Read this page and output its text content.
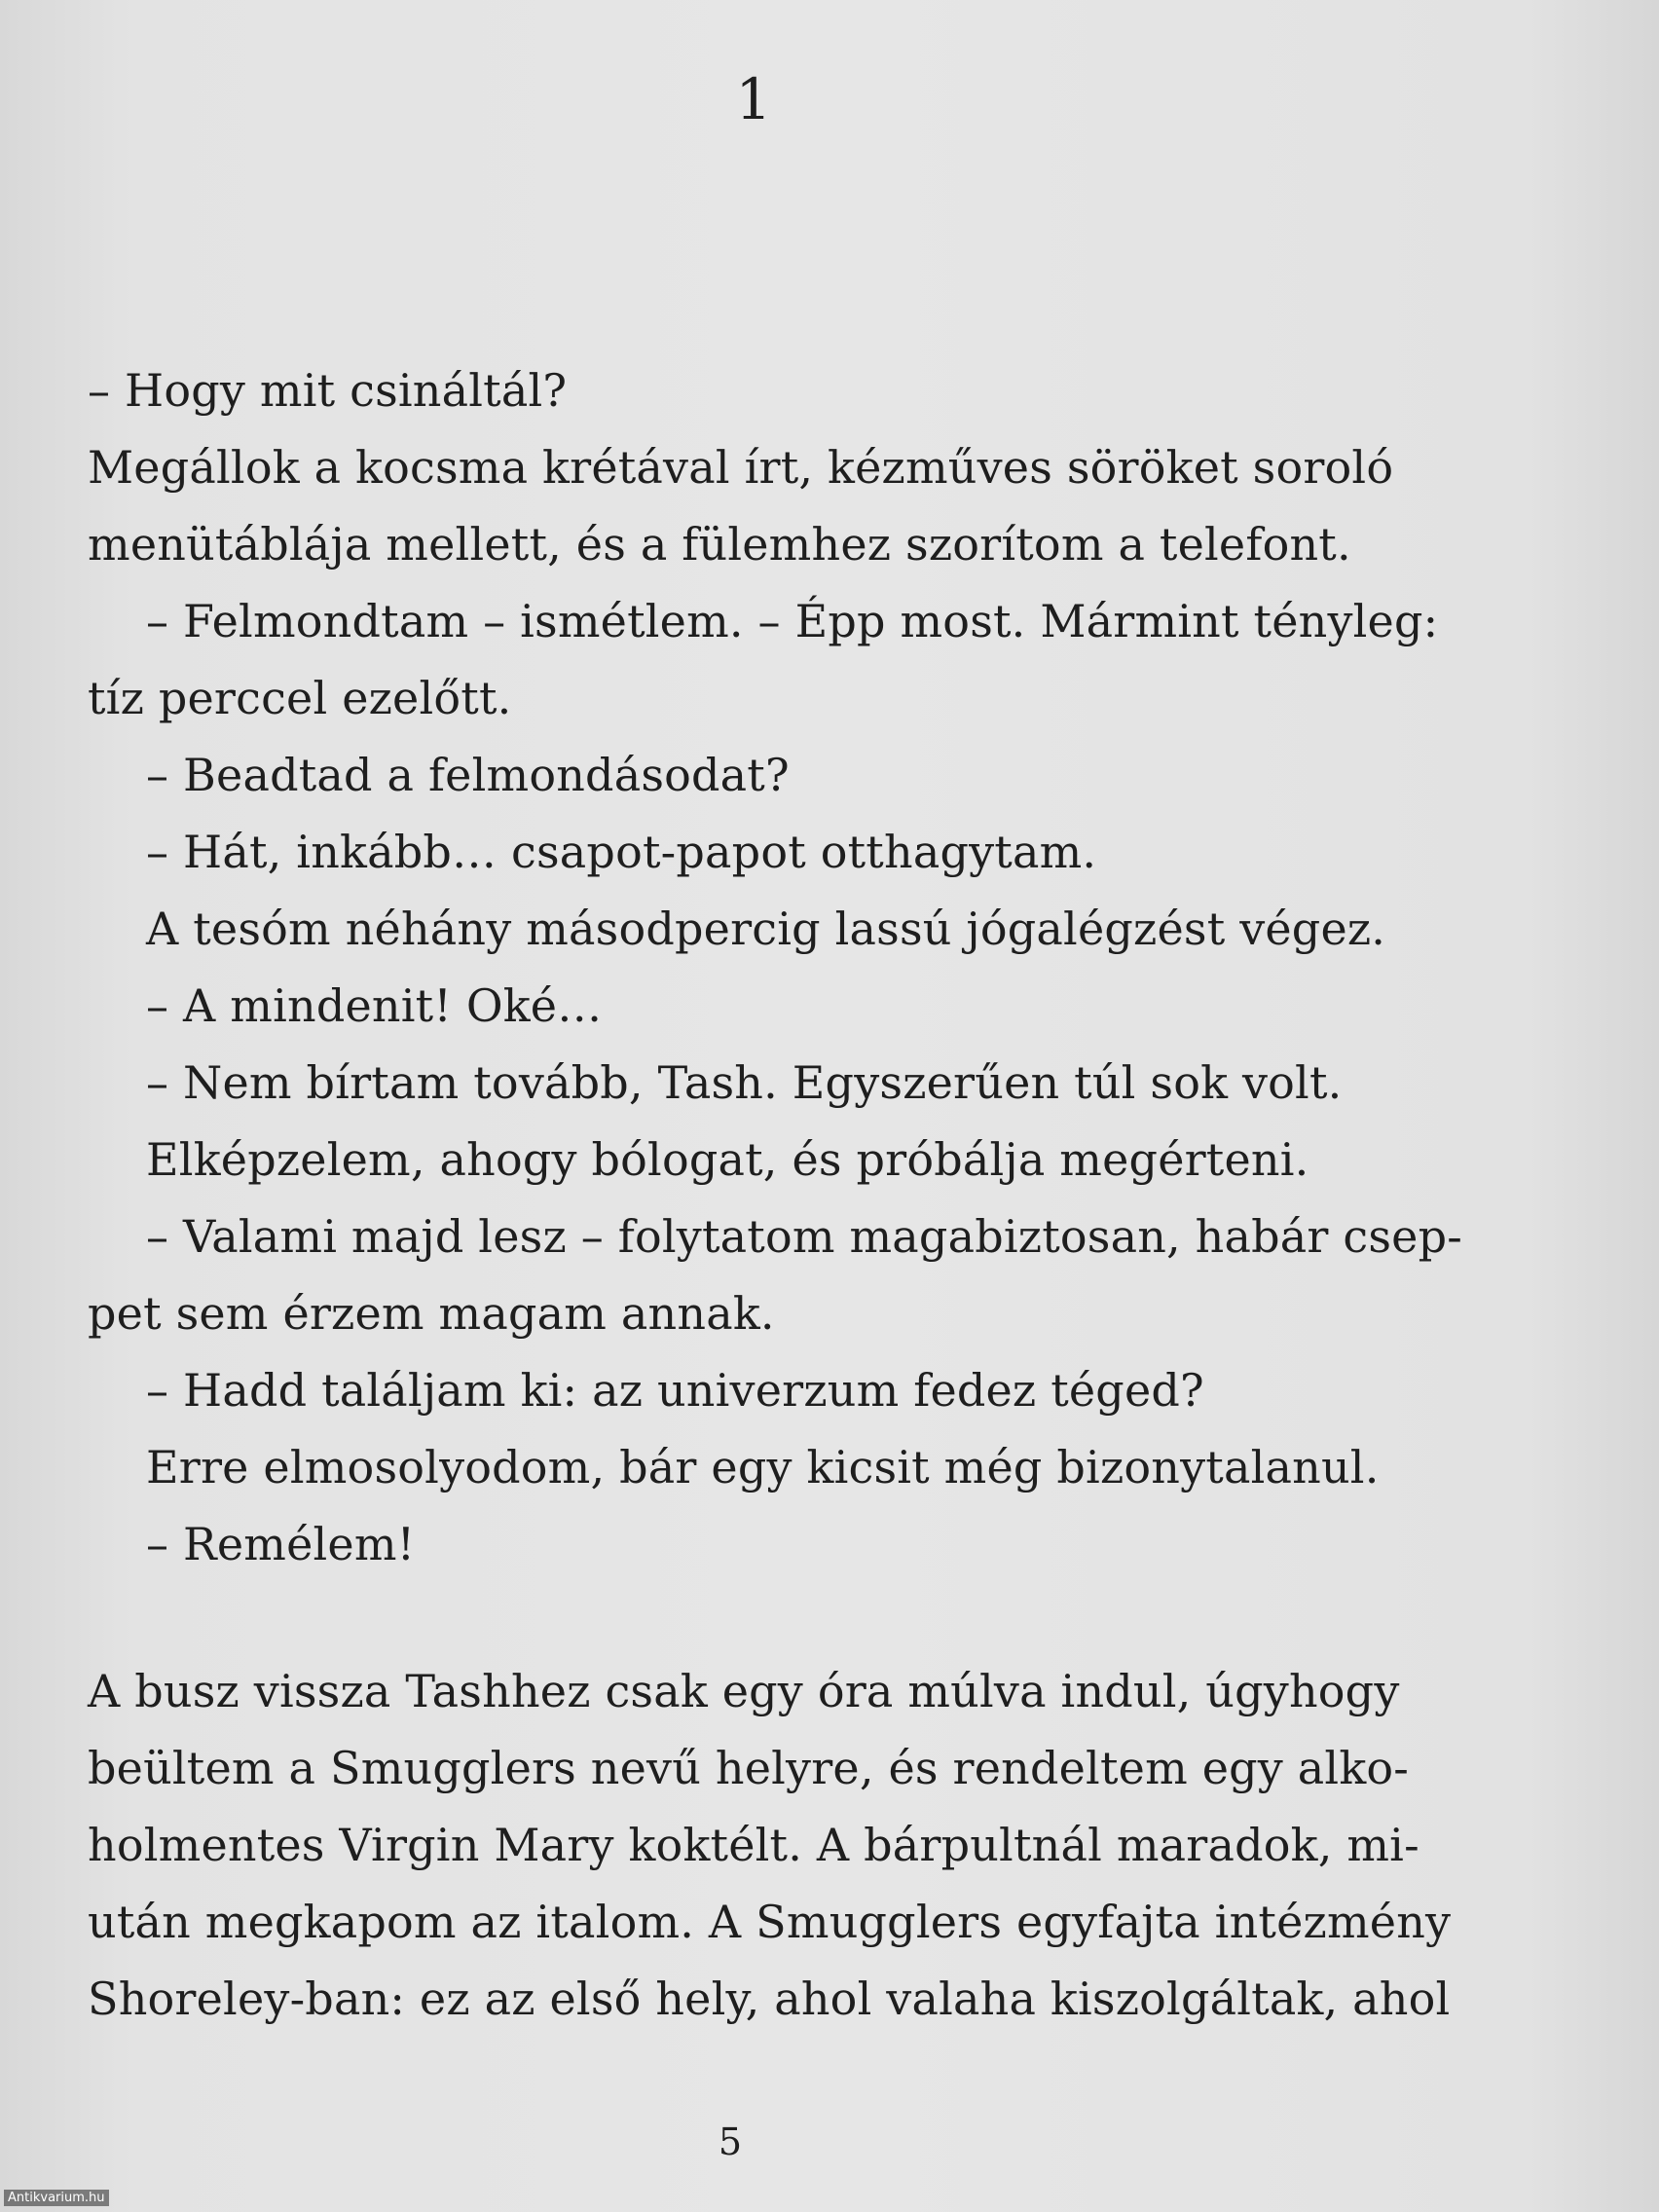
1
– Hogy mit csináltál?
Megállok a kocsma krétával írt, kézműves söröket soroló
menütáblája mellett, és a fülemhez szorítom a telefont.
– Felmondtam – ismétlem. – Épp most. Mármint tényleg:
tíz perccel ezelőtt.
– Beadtad a felmondásodat?
– Hát, inkább… csapot-papot otthagytam.
A tesóm néhány másodpercig lassú jógalégzést végez.
– A mindenit! Oké…
– Nem bírtam tovább, Tash. Egyszerűen túl sok volt.
Elképzelem, ahogy bólogat, és próbálja megérteni.
– Valami majd lesz – folytatom magabiztosan, habár csep-
pet sem érzem magam annak.
– Hadd találjam ki: az univerzum fedez téged?
Erre elmosolyodom, bár egy kicsit még bizonytalanul.
– Remélem!
A busz vissza Tashhez csak egy óra múlva indul, úgyhogy
beültem a Smugglers nevű helyre, és rendeltem egy alko-
holmentes Virgin Mary koktélt. A bárpultnál maradok, mi-
után megkapom az italom. A Smugglers egyfajta intézmény
Shoreley-ban: ez az első hely, ahol valaha kiszolgáltak, ahol
5
Antikvarium.hu
